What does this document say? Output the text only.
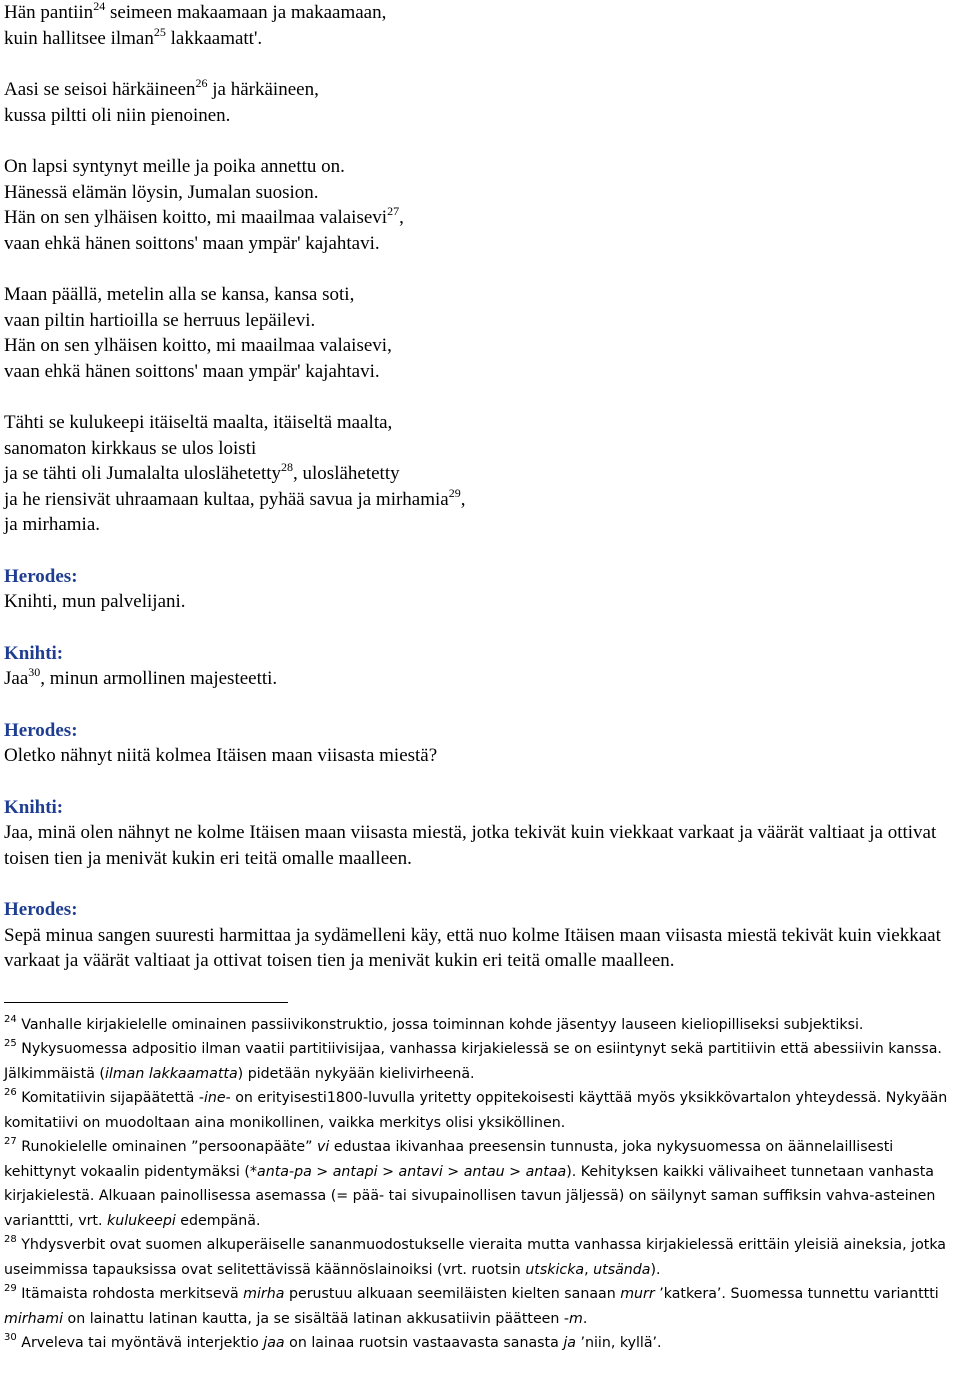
Hän pantiin$^{24}$ seimeen makaamaan ja makaamaan,
kuin hallitsee ilman$^{25}$ lakkaamatt'.
Aasi se seisoi härkäineen$^{26}$ ja härkäineen,
kussa piltti oli niin pienoinen.
On lapsi syntynyt meille ja poika annettu on.
Hänessä elämän löysin, Jumalan suosion.
Hän on sen ylhäisen koitto, mi maailmaa valaisevi$^{27}$,
vaan ehkä hänen soittons' maan ympär' kajahtavi.
Maan päällä, metelin alla se kansa, kansa soti,
vaan piltin hartioilla se herruus lepäilevi.
Hän on sen ylhäisen koitto, mi maailmaa valaisevi,
vaan ehkä hänen soittons' maan ympär' kajahtavi.
Tähti se kulukeepi itäiseltä maalta, itäiseltä maalta,
sanomaton kirkkaus se ulos loisti
ja se tähti oli Jumalalta uloslähetetty$^{28}$, uloslähetetty
ja he riensivät uhraamaan kultaa, pyhää savua ja mirhamia$^{29}$,
ja mirhamia.
Herodes:
Knihti, mun palvelijani.
Knihti:
Jaa$^{30}$, minun armollinen majesteetti.
Herodes:
Oletko nähnyt niitä kolmea Itäisen maan viisasta miestä?
Knihti:
Jaa, minä olen nähnyt ne kolme Itäisen maan viisasta miestä, jotka tekivät kuin viekkaat varkaat ja väärät valtiaat ja ottivat toisen tien ja menivät kukin eri teitä omalle maalleen.
Herodes:
Sepä minua sangen suuresti harmittaa ja sydämelleni käy, että nuo kolme Itäisen maan viisasta miestä tekivät kuin viekkaat varkaat ja väärät valtiaat ja ottivat toisen tien ja menivät kukin eri teitä omalle maalleen.

$^{24}$ Vanhalle kirjakielelle ominainen passiivikonstruktio, jossa toiminnan kohde jäsentyy lauseen kieliopilliseksi subjektiksi.

$^{25}$ Nykysuomessa adpositio ilman vaatii partitiivisijaa, vanhassa kirjakielessä se on esiintynyt sekä partitiivin että abessiivin kanssa. Jälkimmäistä (ilman lakkaamatta) pidetään nykyään kielivirheenä.

$^{26}$ Komitatiivin sijapäätettä -ine- on erityisesti1800-luvulla yritetty oppitekoisesti käyttää myös yksikkövartalon yhteydessä. Nykyään komitatiivi on muodoltaan aina monikollinen, vaikka merkitys olisi yksiköllinen.

$^{27}$ Runokielelle ominainen ”persoonapääte” vi edustaa ikivanhaa preesensin tunnusta, joka nykysuomessa on äännelaillisesti kehittynyt vokaalin pidentymäksi (*anta-pa > antapi > antavi > antau > antaa). Kehityksen kaikki välivaiheet tunnetaan vanhasta kirjakielestä. Alkuaan painollisessa asemassa (= pää- tai sivupainollisen tavun jäljessä) on säilynyt saman suffiksin vahva-asteinen varianttti, vrt. kulukeepi edempänä.

$^{28}$ Yhdysverbit ovat suomen alkuperäiselle sananmuodostukselle vieraita mutta vanhassa kirjakielessä erittäin yleisiä aineksia, jotka useimmissa tapauksissa ovat selitettävissä käännöslainoiksi (vrt. ruotsin utskicka, utsända).

$^{29}$ Itämaista rohdosta merkitsevä mirha perustuu alkuaan seemiläisten kielten sanaan murr ’katkera’. Suomessa tunnettu varianttti mirhami on lainattu latinan kautta, ja se sisältää latinan akkusatiivin päätteen -m.

$^{30}$ Arveleva tai myöntävä interjektio jaa on lainaa ruotsin vastaavasta sanasta ja ’niin, kyllä’.
